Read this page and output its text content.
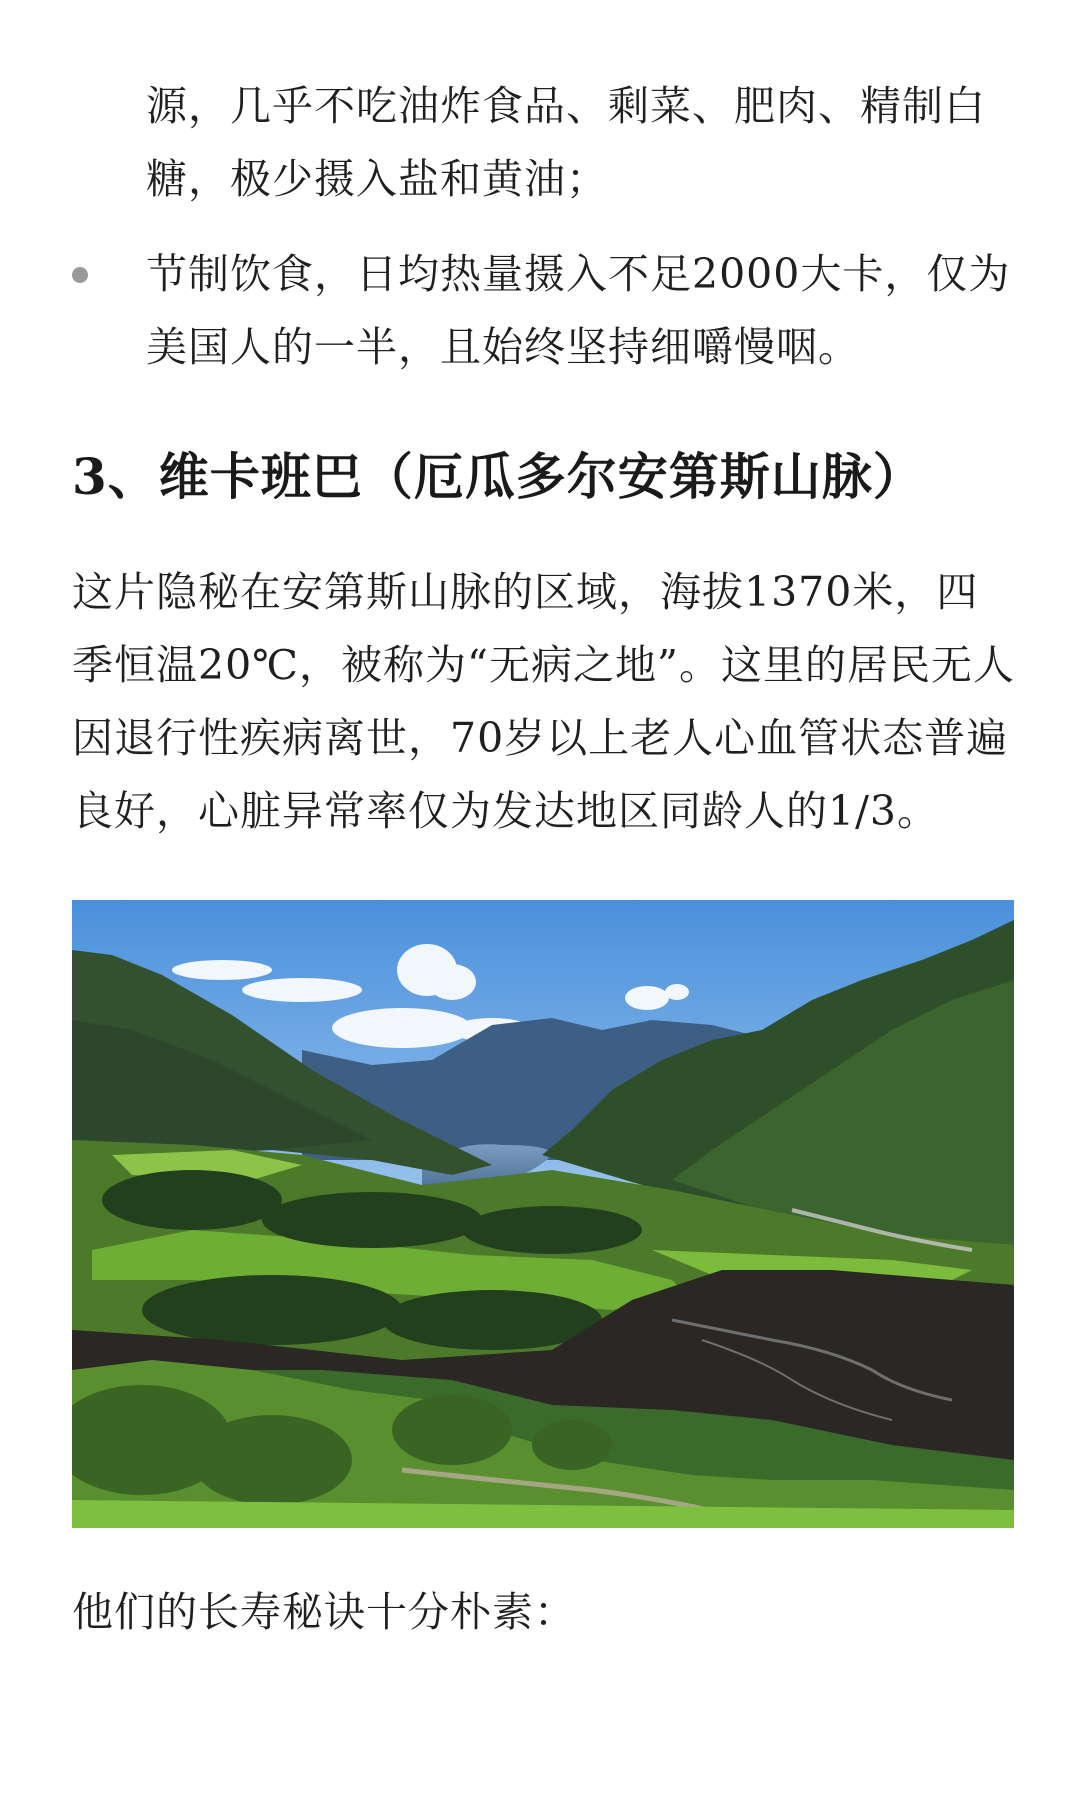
源，几乎不吃油炸食品、剩菜、肥肉、精制白糖，极少摄入盐和黄油；
节制饮食，日均热量摄入不足2000大卡，仅为美国人的一半，且始终坚持细嚼慢咽。
3、维卡班巴（厄瓜多尔安第斯山脉）

这片隐秘在安第斯山脉的区域，海拔1370米，四季恒温20℃，被称为“无病之地”。这里的居民无人因退行性疾病离世，70岁以上老人心血管状态普遍良好，心脏异常率仅为发达地区同龄人的1/3。

他们的长寿秘诀十分朴素：
